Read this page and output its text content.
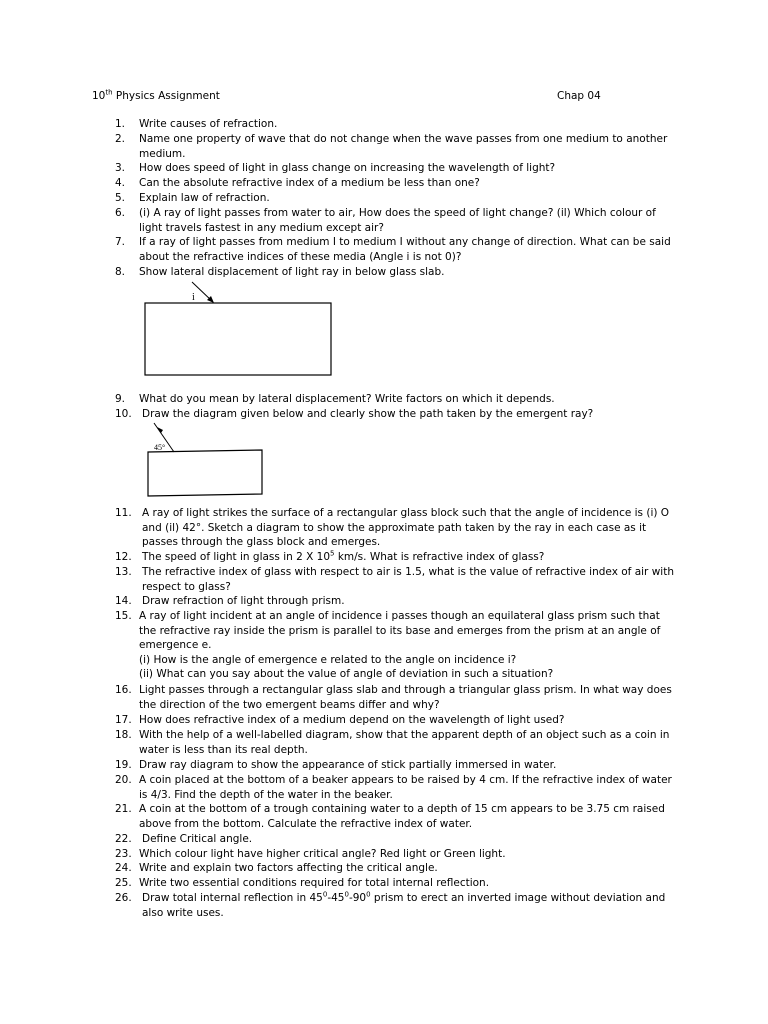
10th Physics Assignment	Chap 04
1.	Write causes of refraction.
2.	Name one property of wave that do not change when the wave passes from one medium to another medium.
3.	How does speed of light in glass change on increasing the wavelength of light?
4.	Can the absolute refractive index of a medium be less than one?
5.	Explain law of refraction.
6.	(i) A ray of light passes from water to air, How does the speed of light change? (il) Which colour of light travels fastest in any medium except air?
7.	If a ray of light passes from medium I to medium I without any change of direction. What can be said about the refractive indices of these media (Angle i is not 0)?
8.	Show lateral displacement of light ray in below glass slab.
i
9.	What do you mean by lateral displacement? Write factors on which it depends.
10. Draw the diagram given below and clearly show the path taken by the emergent ray?
45°
11. A ray of light strikes the surface of a rectangular glass block such that the angle of incidence is (i) O and (il) 42°. Sketch a diagram to show the approximate path taken by the ray in each case as it passes through the glass block and emerges.
12. The speed of light in glass in 2 X $10^5$ km/s. What is refractive index of glass?
13. The refractive index of glass with respect to air is 1.5, what is the value of refractive index of air with respect to glass?
14. Draw refraction of light through prism.
15. A ray of light incident at an angle of incidence i passes though an equilateral glass prism such that the refractive ray inside the prism is parallel to its base and emerges from the prism at an angle of emergence e.
(i) How is the angle of emergence e related to the angle on incidence i?
(ii) What can you say about the value of angle of deviation in such a situation?
16. Light passes through a rectangular glass slab and through a triangular glass prism. In what way does the direction of the two emergent beams differ and why?
17. How does refractive index of a medium depend on the wavelength of light used?
18. With the help of a well-labelled diagram, show that the apparent depth of an object such as a coin in water is less than its real depth.
19. Draw ray diagram to show the appearance of stick partially immersed in water.
20. A coin placed at the bottom of a beaker appears to be raised by 4 cm. If the refractive index of water is 4/3. Find the depth of the water in the beaker.
21. A coin at the bottom of a trough containing water to a depth of 15 cm appears to be 3.75 cm raised above from the bottom. Calculate the refractive index of water.
22. Define Critical angle.
23. Which colour light have higher critical angle? Red light or Green light.
24. Write and explain two factors affecting the critical angle.
25. Write two essential conditions required for total internal reflection.
26. Draw total internal reflection in $45^0-45^0-90^0$ prism to erect an inverted image without deviation and also write uses.
